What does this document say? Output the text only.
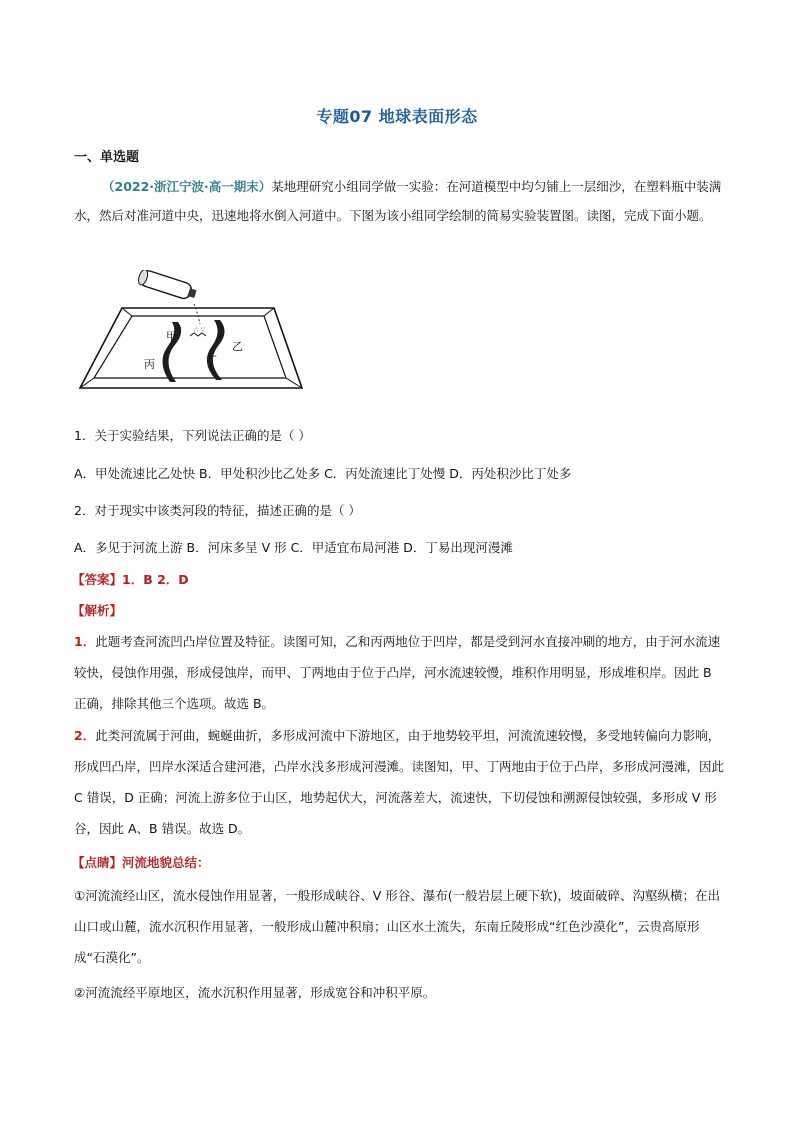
专题07 地球表面形态
一、单选题
（2022·浙江宁波·高一期末）某地理研究小组同学做一实验：在河道模型中均匀铺上一层细沙，在塑料瓶中装满水，然后对准河道中央，迅速地将水倒入河道中。下图为该小组同学绘制的简易实验装置图。读图，完成下面小题。
∴ ∵
甲
乙
丙	丁
1．关于实验结果，下列说法正确的是（ ）
A．甲处流速比乙处快 B．甲处积沙比乙处多 C．丙处流速比丁处慢 D．丙处积沙比丁处多
2．对于现实中该类河段的特征，描述正确的是（ ）
A．多见于河流上游 B．河床多呈 V 形 C．甲适宜布局河港 D．丁易出现河漫滩
【答案】1．B 2．D
【解析】
1．此题考查河流凹凸岸位置及特征。读图可知，乙和丙两地位于凹岸，都是受到河水直接冲刷的地方，由于河水流速较快，侵蚀作用强，形成侵蚀岸，而甲、丁两地由于位于凸岸，河水流速较慢，堆积作用明显，形成堆积岸。因此 B 正确，排除其他三个选项。故选 B。
2．此类河流属于河曲，蜿蜒曲折，多形成河流中下游地区，由于地势较平坦，河流流速较慢，多受地转偏向力影响，形成凹凸岸，凹岸水深适合建河港，凸岸水浅多形成河漫滩。读图知，甲、丁两地由于位于凸岸，多形成河漫滩，因此 C 错误，D 正确；河流上游多位于山区，地势起伏大，河流落差大，流速快，下切侵蚀和溯源侵蚀较强，多形成 V 形谷，因此 A、B 错误。故选 D。
【点睛】河流地貌总结：
①河流流经山区，流水侵蚀作用显著，一般形成峡谷、V 形谷、瀑布(一般岩层上硬下软)，坡面破碎、沟壑纵横；在出山口或山麓，流水沉积作用显著，一般形成山麓冲积扇；山区水土流失，东南丘陵形成“红色沙漠化”，云贵高原形成“石漠化”。
②河流流经平原地区，流水沉积作用显著，形成宽谷和冲积平原。
